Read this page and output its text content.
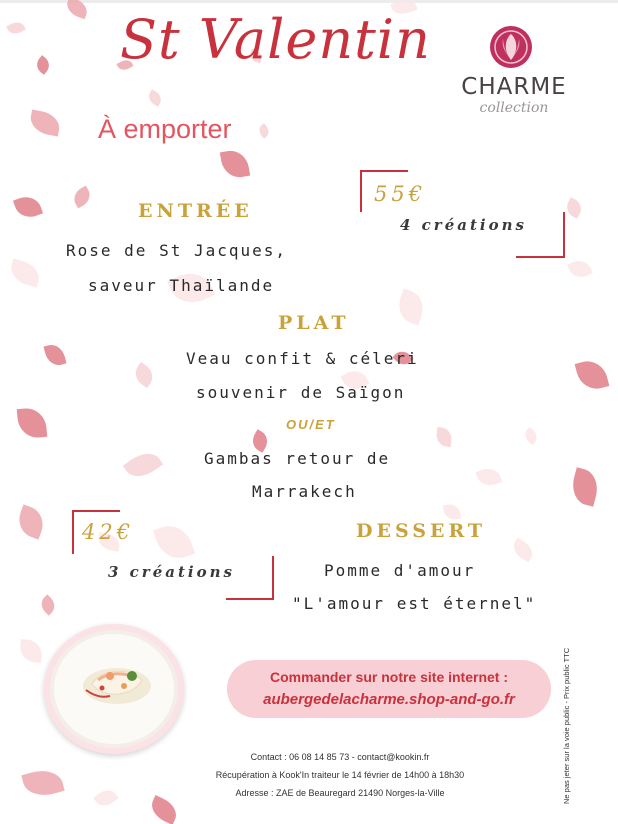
St Valentin
À emporter
CHARME
collection
55€
4 créations
ENTRÉE
Rose de St Jacques,
saveur Thaïlande
PLAT
Veau confit & céleri
souvenir de Saïgon
OU/ET
Gambas retour de
Marrakech
42€
3 créations
DESSERT
Pomme d'amour
"L'amour est éternel"
Commander sur notre site internet :
aubergedelacharme.shop-and-go.fr
Contact : 06 08 14 85 73 - contact@kookin.fr
Récupération à Kook'In traiteur le 14 février de 14h00 à 18h30
Adresse : ZAE de Beauregard 21490 Norges-la-Ville	Ne pas jeter sur la voie public - Prix public TTC
